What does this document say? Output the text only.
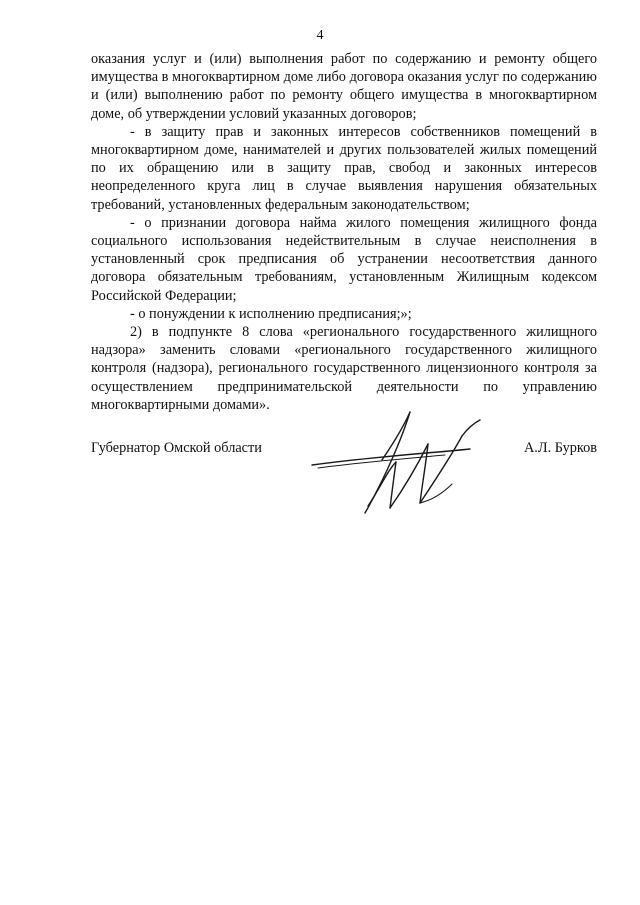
4

оказания услуг и (или) выполнения работ по содержанию и ремонту общего имущества в многоквартирном доме либо договора оказания услуг по содержанию и (или) выполнению работ по ремонту общего имущества в многоквартирном доме, об утверждении условий указанных договоров;

- в защиту прав и законных интересов собственников помещений в многоквартирном доме, нанимателей и других пользователей жилых помещений по их обращению или в защиту прав, свобод и законных интересов неопределенного круга лиц в случае выявления нарушения обязательных требований, установленных федеральным законодательством;

- о признании договора найма жилого помещения жилищного фонда социального использования недействительным в случае неисполнения в установленный срок предписания об устранении несоответствия данного договора обязательным требованиям, установленным Жилищным кодексом Российской Федерации;

- о понуждении к исполнению предписания;»;

2) в подпункте 8 слова «регионального государственного жилищного надзора» заменить словами «регионального государственного жилищного контроля (надзора), регионального государственного лицензионного контроля за осуществлением предпринимательской деятельности по управлению многоквартирными домами».

Губернатор Омской области	А.Л. Бурков
